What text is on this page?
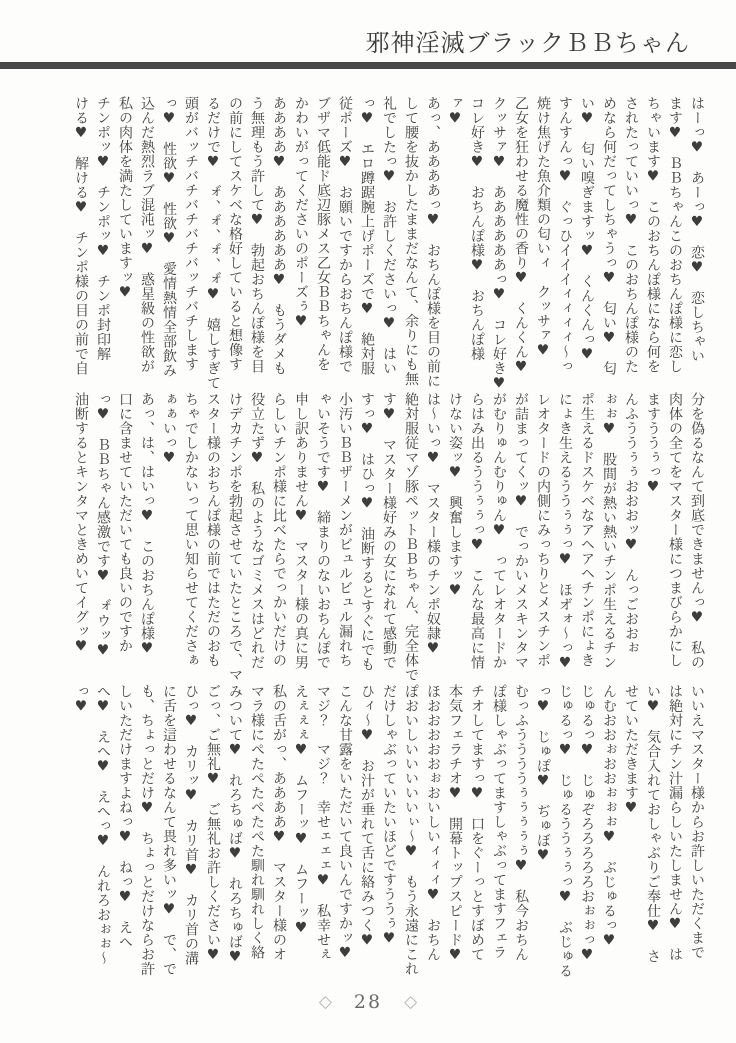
邪神淫滅ブラックＢＢちゃん

はーっ♥　あーっ♥　恋♥　恋しちゃい

ます♥　ＢＢちゃんこのおちんぽ様に恋し

ちゃいます♥　このおちんぽ様になら何を

されたっていいっ♥　このおちんぽ様のた

めなら何だってしちゃうっ♥　匂い♥　匂

い♥　匂い嗅ぎますッ♥　くんくんっ♥

すんすんっ♥　ぐっひイイイィィィィ～っ

焼け焦げた魚介類の匂いィ　クッサァ♥

乙女を狂わせる魔性の香り♥　くんくん♥

クッサァ♥　ああああああっ♥　コレ好き♥

コレ好き♥　おちんぽ様♥　おちんぽ様

ァ♥

あっ、ああああっ♥　おちんぽ様を目の前に

して腰を抜かしたままだなんて、余りにも無

礼でしたっ♥　お許しくださいっ♥　はい

っ♥　エロ蹲踞腕上げポーズで♥　絶対服

従ポーズ♥　お願いですからおちんぽ様で

ブザマ低能ド底辺豚メス乙女ＢＢちゃんを

かわいがってくださいのポーズぅ♥

ああああ♥　ああああああ♥　もうダメも

う無理もう許して♥　勃起おちんぽ様を目

の前にしてスケベな格好していると想像す

るだけで♥　ォ゙、ォ゙、ォ゙、ォ゙♥　嬉しすぎて

頭がバッチバチバチバチバッチバチします

っ♥　性欲♥　性欲♥　愛情熱情全部飲み

込んだ熱烈ラブ混沌ッ♥　惑星級の性欲が

私の肉体を満たしていますッ♥

チンポッ♥　チンポッ♥　チンポ封印解

ける♥　解ける♥　チンポ様の目の前で自

分を偽るなんて到底できませんっ♥　私の

肉体の全てをマスター様につまびらかにし

ますううぅっ♥

んふううぅぅおおおッ♥　んっごおおぉ

ぉぉ♥　股間が熱い熱いチンポ生えるチン

ポ生えるドスケベなアヘアヘチンポにょき

にょき生えるううぅぅっ♥　ほオ゙ォ～っ♥

レオタードの内側にみっちりとメスチンポ

が詰まってくッ♥　でっかいメスキンタマ

がむりゅんむりゅん♥　ってレオタードか

らはみ出るううぅぅっ♥　こんな最高に情

けない姿ッ♥　興奮しますッ♥

は～いっ♥　マスター様のチンポ奴隷♥

絶対服従マゾ豚ペットＢＢちゃん、完全体で

す♥　マスター様好みの女になれて感動で

すっ♥　はひっ♥　油断するとすぐにでも

小汚いＢＢザーメンがビュルビュル漏れち

ゃいそうです♥　締まりのないおちんぽで

申し訳ありません♥　マスター様の真に男

らしいチンポ様に比べたらでっかいだけの

役立たず♥　私のようなゴミメスはどれだ

けデカチンポを勃起させていたところで、マ

スター様のおちんぽ様の前ではただのおも

ちゃでしかないって思い知らせてくださぁ

ぁぁいっ♥

あっ、は、はいっ♥　このおちんぽ様♥

口に含ませていただいても良いのですか

っ♥　ＢＢちゃん感激です♥　ォ゙ウッ♥

油断するとキンタマときめいてイグッ♥

いいえマスター様からお許しいただくまで

は絶対にチン汁漏らしいたしません♥　は

い♥　気合入れておしゃぶりご奉仕♥　さ

せていただきます♥

んむおおぉおおぉぉぉ♥　ぶじゅるっ♥

じゅるっ♥　じゅぞろろろろろおぉぉっ♥

じゅるっ♥　じゅるううぅぅっ♥　ぶじゅる

っ♥　じゅぽ♥　ぢゅぼ♥

むっふううううぅぅぅぅぅ♥　私今おちん

ぽ様しゃぶってますしゃぶってますフェラ

チオしてますっ♥　口をぐーっとすぼめて

本気フェラチオ♥　開幕トップスピード♥

ほおおおおおぉおいしいィィィ♥　おちん

ぽおいしいいいいいぃ～♥　もう永遠にこれ

だけしゃぶっていたいほどですううぅ♥

ひィ～♥　お汁が垂れて舌に絡みつく♥

こんな甘露をいただいて良いんですかッ♥

マジ？　マジ？　幸せェェェ♥　私幸せぇ

えぇぇぇ♥　ムフーッ♥　ムフーッ♥

私の舌がっ、ああああ♥　マスター様のオ

マラ様にぺたぺたぺたぺた馴れ馴れしく絡

みついて♥　れろちゅば♥　れろちゅば♥

ごっ、ご無礼♥　ご無礼お許しください♥

ひっ♥　カリッ♥　カリ首♥　カリ首の溝

に舌を這わせるなんて畏れ多いッ♥　で、で

も、ちょっとだけ♥　ちょっとだけならお許

しいただけますよねっ♥　ねっ♥　えへ

へ♥　えへ♥　えへっ♥　んれろおぉぉ～

っ♥

◇ 28 ◇
